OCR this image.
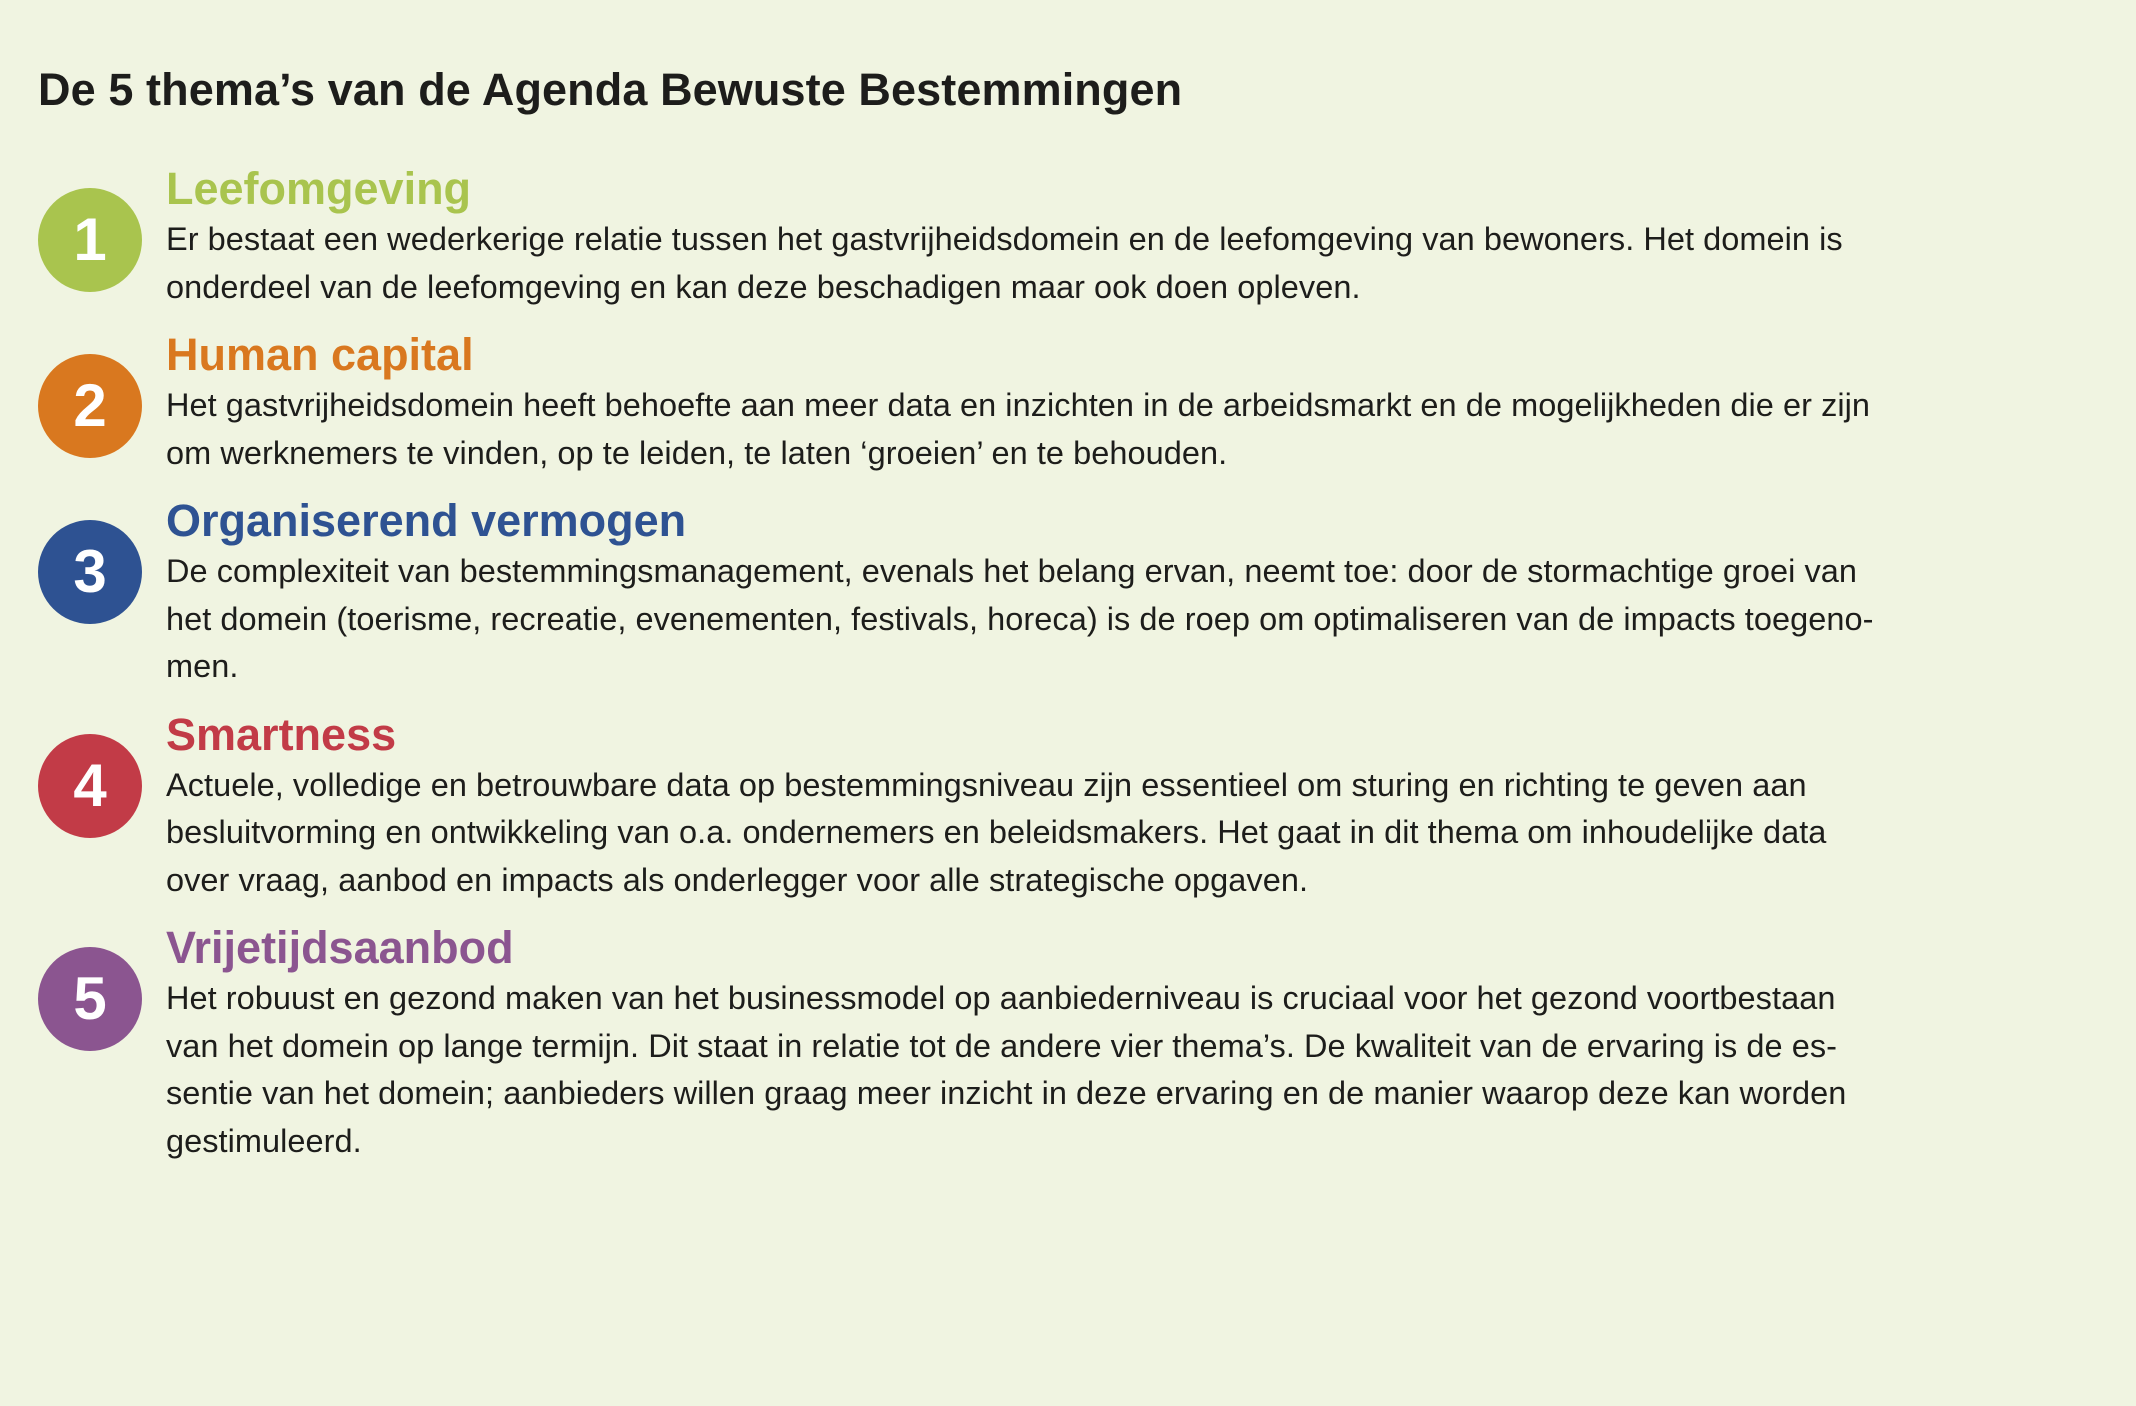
De 5 thema’s van de Agenda Bewuste Bestemmingen
1
Leefomgeving

Er bestaat een wederkerige relatie tussen het gastvrijheidsdomein en de leefomgeving van bewoners. Het domein is
onderdeel van de leefomgeving en kan deze beschadigen maar ook doen opleven.

2
Human capital

Het gastvrijheidsdomein heeft behoefte aan meer data en inzichten in de arbeidsmarkt en de mogelijkheden die er zijn
om werknemers te vinden, op te leiden, te laten ‘groeien’ en te behouden.

3
Organiserend vermogen

De complexiteit van bestemmingsmanagement, evenals het belang ervan, neemt toe: door de stormachtige groei van
het domein (toerisme, recreatie, evenementen, festivals, horeca) is de roep om optimaliseren van de impacts toegeno-
men.

4
Smartness

Actuele, volledige en betrouwbare data op bestemmingsniveau zijn essentieel om sturing en richting te geven aan
besluitvorming en ontwikkeling van o.a. ondernemers en beleidsmakers. Het gaat in dit thema om inhoudelijke data
over vraag, aanbod en impacts als onderlegger voor alle strategische opgaven.

5
Vrijetijdsaanbod

Het robuust en gezond maken van het businessmodel op aanbiederniveau is cruciaal voor het gezond voortbestaan
van het domein op lange termijn. Dit staat in relatie tot de andere vier thema’s. De kwaliteit van de ervaring is de es-
sentie van het domein; aanbieders willen graag meer inzicht in deze ervaring en de manier waarop deze kan worden
gestimuleerd.
